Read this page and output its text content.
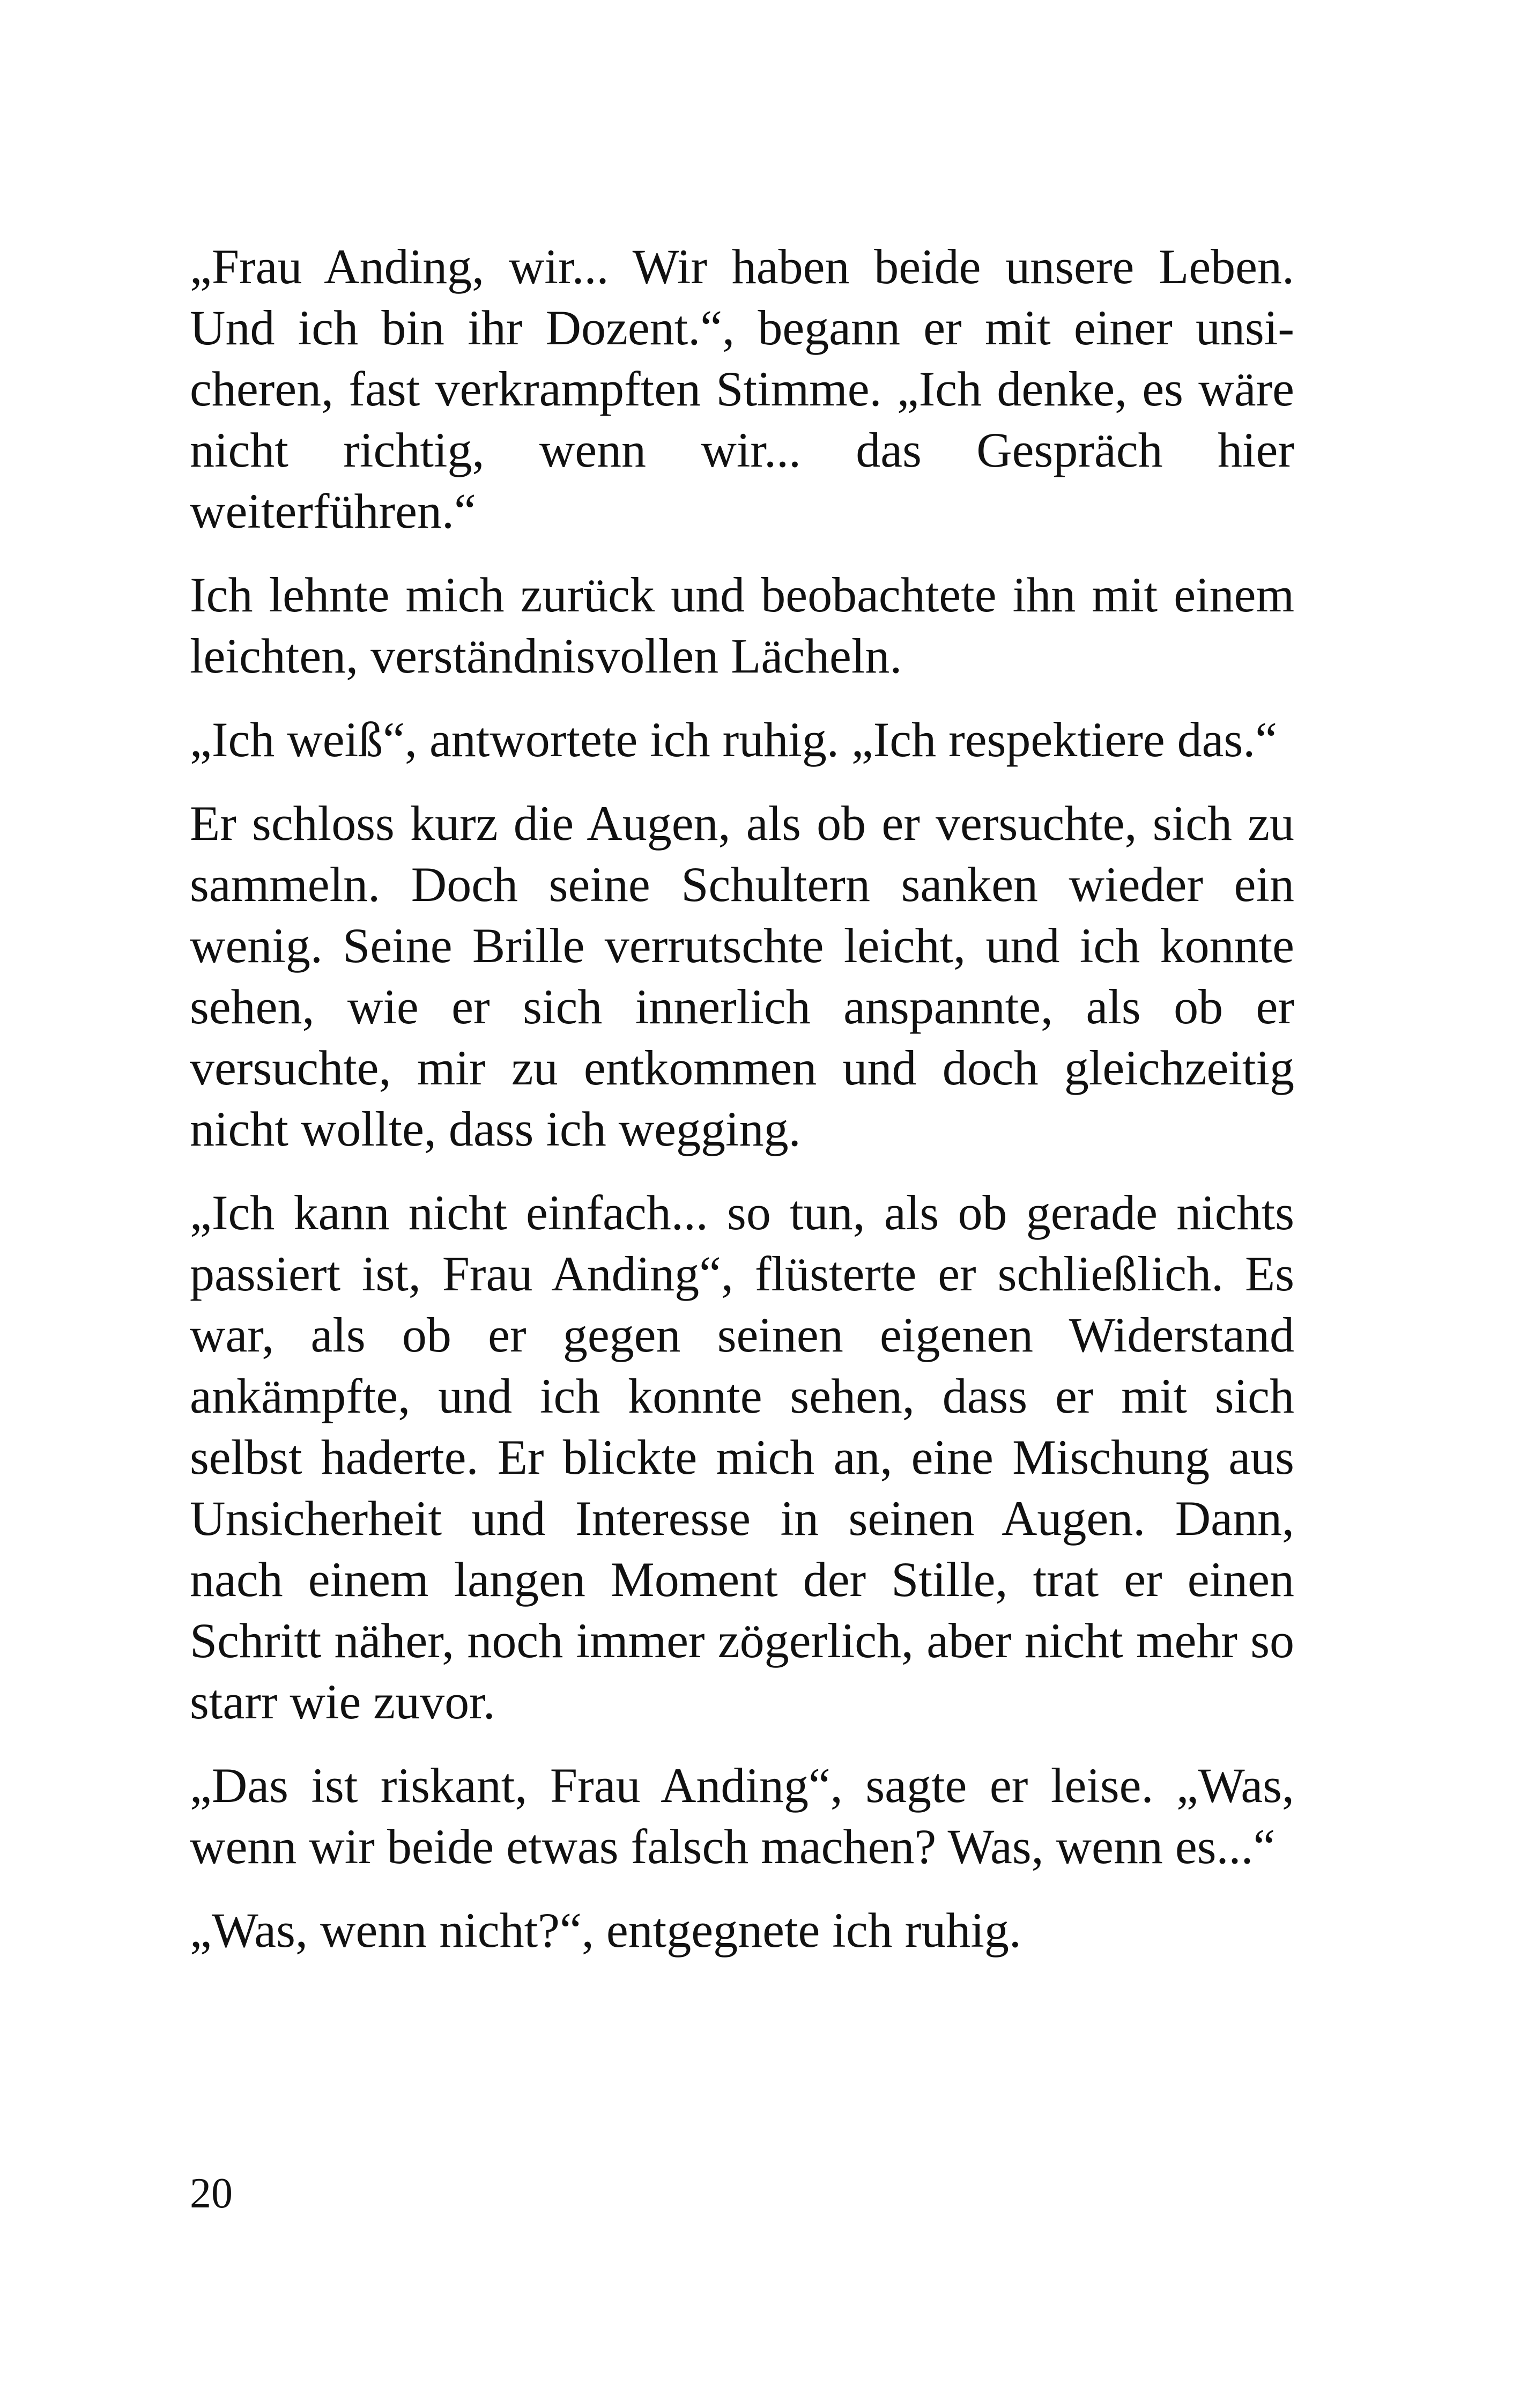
„Frau Anding, wir... Wir haben beide unsere Leben. Und ich bin ihr Dozent.“, begann er mit einer unsicheren, fast verkrampften Stimme. „Ich denke, es wäre nicht richtig, wenn wir... das Gespräch hier weiterführen.“

Ich lehnte mich zurück und beobachtete ihn mit einem leichten, verständnisvollen Lächeln.

„Ich weiß“, antwortete ich ruhig. „Ich respektiere das.“

Er schloss kurz die Augen, als ob er versuchte, sich zu sammeln. Doch seine Schultern sanken wieder ein wenig. Seine Brille verrutschte leicht, und ich konnte sehen, wie er sich innerlich anspannte, als ob er versuchte, mir zu entkommen und doch gleichzeitig nicht wollte, dass ich wegging.

„Ich kann nicht einfach... so tun, als ob gerade nichts passiert ist, Frau Anding“, flüsterte er schließlich. Es war, als ob er gegen seinen eigenen Widerstand ankämpfte, und ich konnte sehen, dass er mit sich selbst haderte. Er blickte mich an, eine Mischung aus Unsicherheit und Interesse in seinen Augen. Dann, nach einem langen Moment der Stille, trat er einen Schritt näher, noch immer zögerlich, aber nicht mehr so starr wie zuvor.

„Das ist riskant, Frau Anding“, sagte er leise. „Was, wenn wir beide etwas falsch machen? Was, wenn es...“

„Was, wenn nicht?“, entgegnete ich ruhig.

20
